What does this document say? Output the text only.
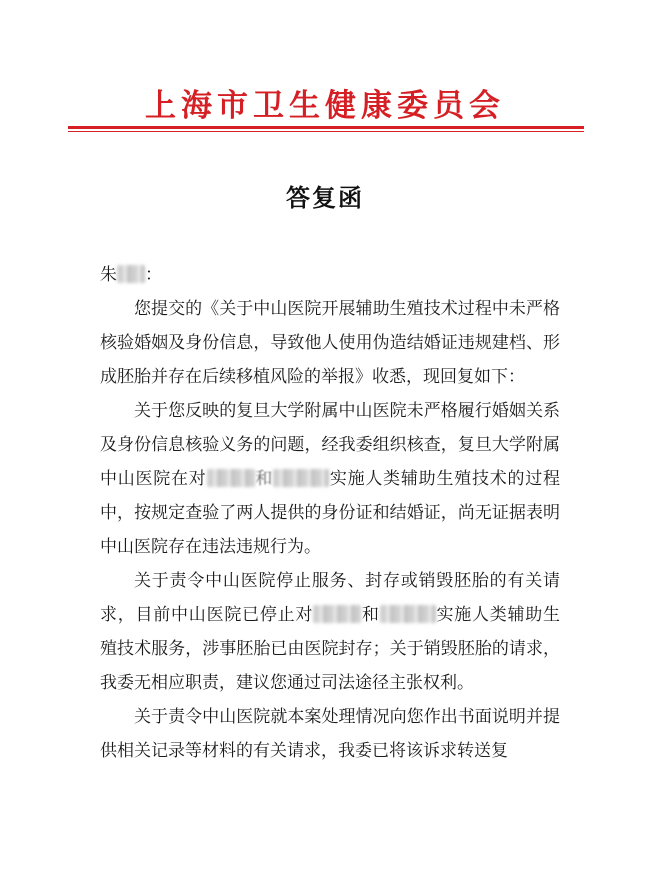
上海市卫生健康委员会
答复函

朱 ：

您提交的《关于中山医院开展辅助生殖技术过程中未严格核验婚姻及身份信息，导致他人使用伪造结婚证违规建档、形成胚胎并存在后续移植风险的举报》收悉，现回复如下：

关于您反映的复旦大学附属中山医院未严格履行婚姻关系及身份信息核验义务的问题，经我委组织核查，复旦大学附属中山医院在对	和	实施人类辅助生殖技术的过程中，按规定查验了两人提供的身份证和结婚证，尚无证据表明中山医院存在违法违规行为。

关于责令中山医院停止服务、封存或销毁胚胎的有关请求，目前中山医院已停止对	和	实施人类辅助生殖技术服务，涉事胚胎已由医院封存；关于销毁胚胎的请求，我委无相应职责，建议您通过司法途径主张权利。

关于责令中山医院就本案处理情况向您作出书面说明并提供相关记录等材料的有关请求，我委已将该诉求转送复
